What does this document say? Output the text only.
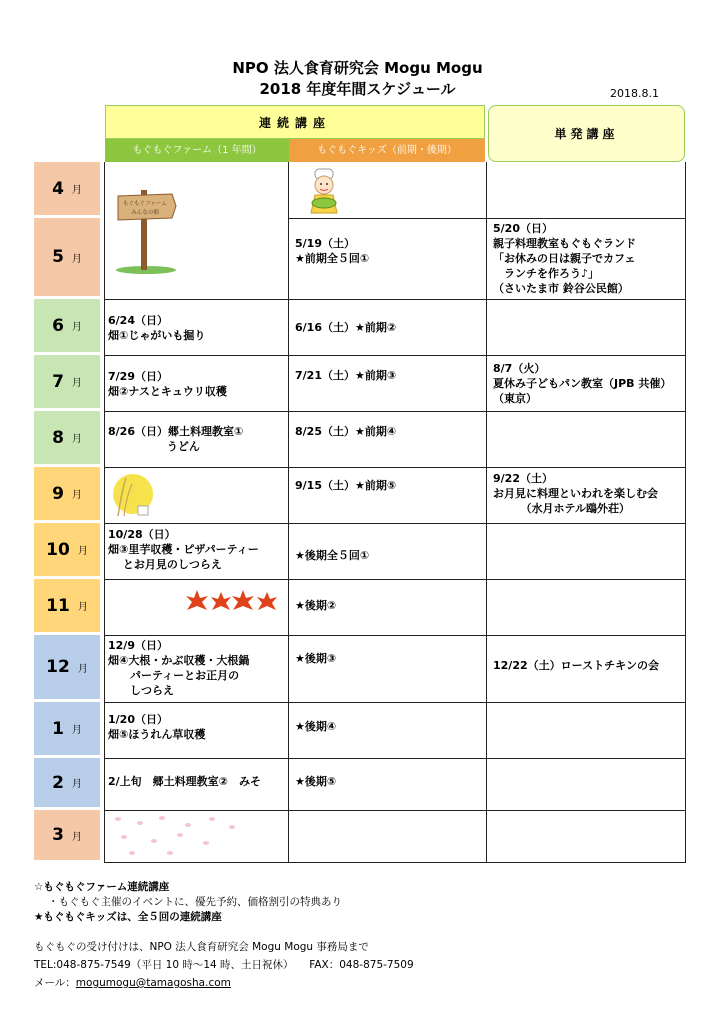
NPO 法人食育研究会 Mogu Mogu
2018 年度年間スケジュール	2018.8.1
連続講座
もぐもぐファーム（1 年間）	もぐもぐキッズ（前期・後期）
単発講座
4 月
5 月
6 月
7 月
8 月
9 月
10 月
11 月
12 月
1 月
2 月
3 月
もぐもぐファーム
みんなの畑
6/24（日）
畑①じゃがいも掘り
7/29（日）
畑②ナスとキュウリ収穫
8/26（日）郷土料理教室①
　　　　　 うどん
10/28（日）
畑③里芋収穫・ピザパーティー
　 とお月見のしつらえ
12/9（日）
畑④大根・かぶ収穫・大根鍋
　　パーティーとお正月の
　　しつらえ
1/20（日）
畑⑤ほうれん草収穫
2/上旬　郷土料理教室②　みそ
5/19（土）
★前期全５回①
6/16（土）★前期②
7/21（土）★前期③
8/25（土）★前期④
9/15（土）★前期⑤
★後期全５回①
★後期②
★後期③
★後期④
★後期⑤
5/20（日）
親子料理教室もぐもぐランド
「お休みの日は親子でカフェ
　ランチを作ろう♪」
（さいたま市 鈴谷公民館）
8/7（火）
夏休み子どもパン教室（JPB 共催）
（東京）
9/22（土）
お月見に料理といわれを楽しむ会
　　　（水月ホテル鴎外荘）
12/22（土）ローストチキンの会
☆もぐもぐファーム連続講座
・もぐもぐ主催のイベントに、優先予約、価格割引の特典あり
★もぐもぐキッズは、全５回の連続講座
もぐもぐの受け付けは、NPO 法人食育研究会 Mogu Mogu 事務局まで
TEL:048-875-7549（平日 10 時～14 時、土日祝休）　　FAX：048-875-7509
メール：mogumogu@tamagosha.com
